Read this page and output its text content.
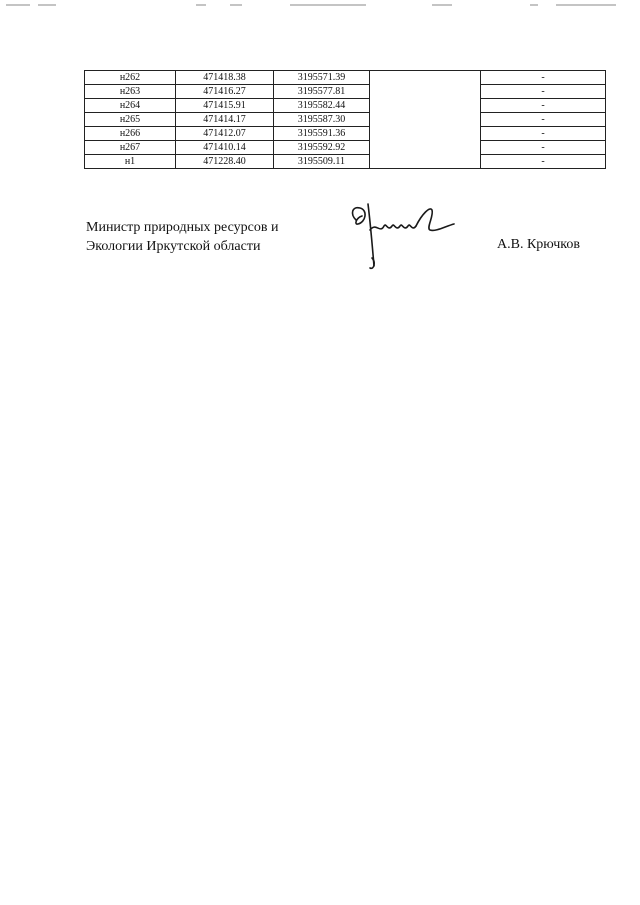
н262	471418.38	3195571.39		-
н263	471416.27	3195577.81		-
н264	471415.91	3195582.44		-
н265	471414.17	3195587.30		-
н266	471412.07	3195591.36		-
н267	471410.14	3195592.92		-
н1	471228.40	3195509.11		-
Министр природных ресурсов и
Экологии Иркутской области	А.В. Крючков
